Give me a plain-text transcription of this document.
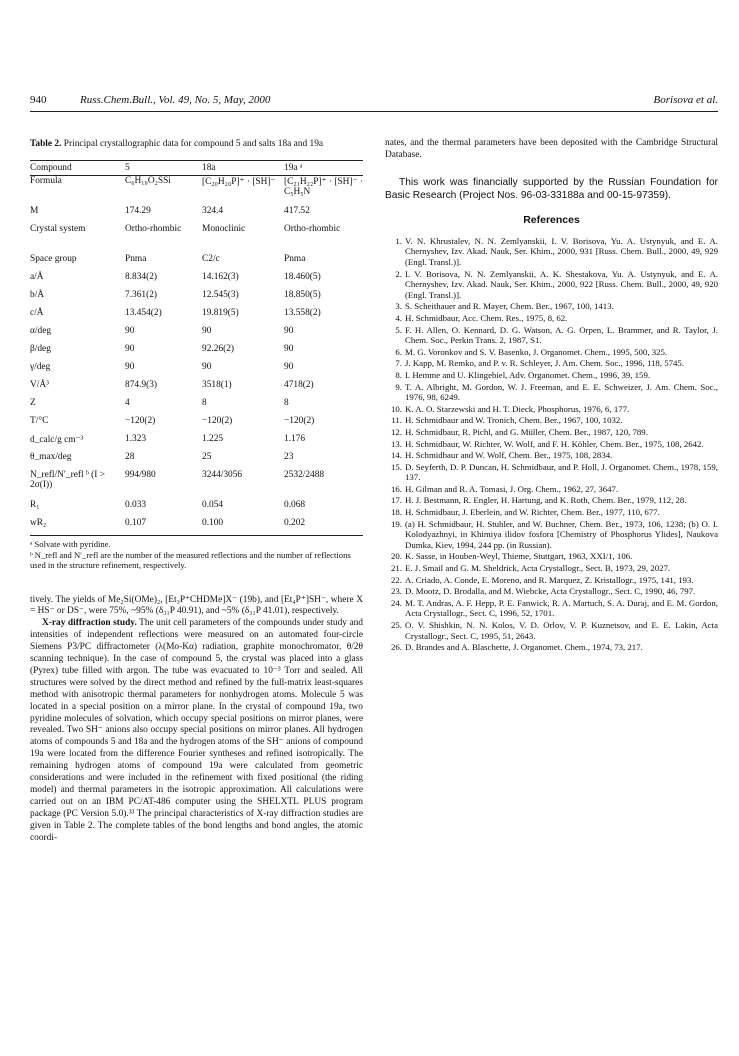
940	Russ.Chem.Bull., Vol. 49, No. 5, May, 2000	Borisova et al.

Table 2. Principal crystallographic data for compound 5 and salts 18a and 19a

Compound	5	18a	19a ᵃ
Formula	C₆H₁₀O₂SSi	[C₂₀H₂₀P]⁺ · [SH]⁻	[C₂₁H₂₂P]⁺ · [SH]⁻ · C₅H₅N
M	174.29	324.4	417.52
Crystal system	Ortho-rhombic	Monoclinic	Ortho-rhombic
Space group	Pnma	C2/c	Pnma
a/Å	8.834(2)	14.162(3)	18.460(5)
b/Å	7.361(2)	12.545(3)	18.850(5)
c/Å	13.454(2)	19.819(5)	13.558(2)
α/deg	90	90	90
β/deg	90	92.26(2)	90
γ/deg	90	90	90
V/Å³	874.9(3)	3518(1)	4718(2)
Z	4	8	8
T/°C	−120(2)	−120(2)	−120(2)
d_calc/g cm⁻³	1.323	1.225	1.176
θ_max/deg	28	25	23
N_refl/N′_refl ᵇ (I > 2σ(I))	994/980	3244/3056	2532/2488
R₁	0.033	0.054	0.068
wR₂	0.107	0.100	0.202
ᵃ Solvate with pyridine.
ᵇ N_refl and N′_refl are the number of the measured reflections and the number of reflections used in the structure refinement, respectively.

tively. The yields of Me₂Si(OMe)₂, [Et₃P⁺CHDMe]X⁻ (19b), and [Et₄P⁺]SH⁻, where X = HS⁻ or DS⁻, were 75%, ~95% (δ₃₁P 40.91), and ~5% (δ₃₁P 41.01), respectively.

X-ray diffraction study. The unit cell parameters of the compounds under study and intensities of independent reflections were measured on an automated four-circle Siemens P3/PC diffractometer (λ(Mo-Kα) radiation, graphite monochromator, θ/2θ scanning technique). In the case of compound 5, the crystal was placed into a glass (Pyrex) tube filled with argon. The tube was evacuated to 10⁻³ Torr and sealed. All structures were solved by the direct method and refined by the full-matrix least-squares method with anisotropic thermal parameters for nonhydrogen atoms. Molecule 5 was located in a special position on a mirror plane. In the crystal of compound 19a, two pyridine molecules of solvation, which occupy special positions on mirror planes, were revealed. Two SH⁻ anions also occupy special positions on mirror planes. All hydrogen atoms of compounds 5 and 18a and the hydrogen atoms of the SH⁻ anions of compound 19a were located from the difference Fourier syntheses and refined isotropically. The remaining hydrogen atoms of compound 19a were calculated from geometric considerations and were included in the refinement with fixed positional (the riding model) and thermal parameters in the isotropic approximation. All calculations were carried out on an IBM PC/AT-486 computer using the SHELXTL PLUS program package (PC Version 5.0).³³ The principal characteristics of X-ray diffraction studies are given in Table 2. The complete tables of the bond lengths and bond angles, the atomic coordi-

nates, and the thermal parameters have been deposited with the Cambridge Structural Database.

This work was financially supported by the Russian Foundation for Basic Research (Project Nos. 96-03-33188a and 00-15-97359).

References
1. V. N. Khrustalev, N. N. Zemlyanskii, I. V. Borisova, Yu. A. Ustynyuk, and E. A. Chernyshev, Izv. Akad. Nauk, Ser. Khim., 2000, 931 [Russ. Chem. Bull., 2000, 49, 929 (Engl. Transl.)].
2. I. V. Borisova, N. N. Zemlyanskii, A. K. Shestakova, Yu. A. Ustynyuk, and E. A. Chernyshev, Izv. Akad. Nauk, Ser. Khim., 2000, 922 [Russ. Chem. Bull., 2000, 49, 920 (Engl. Transl.)].
3. S. Scheithauer and R. Mayer, Chem. Ber., 1967, 100, 1413.
4. H. Schmidbaur, Acc. Chem. Res., 1975, 8, 62.
5. F. H. Allen, O. Kennard, D. G. Watson, A. G. Orpen, L. Brammer, and R. Taylor, J. Chem. Soc., Perkin Trans. 2, 1987, S1.
6. M. G. Voronkov and S. V. Basenko, J. Organomet. Chem., 1995, 500, 325.
7. J. Kapp, M. Remko, and P. v. R. Schleyer, J. Am. Chem. Soc., 1996, 118, 5745.
8. I. Hemme and U. Klingebiel, Adv. Organomet. Chem., 1996, 39, 159.
9. T. A. Albright, M. Gordon, W. J. Freeman, and E. E. Schweizer, J. Am. Chem. Soc., 1976, 98, 6249.
10. K. A. O. Starzewski and H. T. Dieck, Phosphorus, 1976, 6, 177.
11. H. Schmidbaur and W. Tronich, Chem. Ber., 1967, 100, 1032.
12. H. Schmidbaur, R. Pichl, and G. Müller, Chem. Ber., 1987, 120, 789.
13. H. Schmidbaur, W. Richter, W. Wolf, and F. H. Köhler, Chem. Ber., 1975, 108, 2642.
14. H. Schmidbaur and W. Wolf, Chem. Ber., 1975, 108, 2834.
15. D. Seyferth, D. P. Duncan, H. Schmidbaur, and P. Holl, J. Organomet. Chem., 1978, 159, 137.
16. H. Gilman and R. A. Tomasi, J. Org. Chem., 1962, 27, 3647.
17. H. J. Bestmann, R. Engler, H. Hartung, and K. Roth, Chem. Ber., 1979, 112, 28.
18. H. Schmidbaur, J. Eberlein, and W. Richter, Chem. Ber., 1977, 110, 677.
19. (a) H. Schmidbaur, H. Stuhler, and W. Buchner, Chem. Ber., 1973, 106, 1238; (b) O. I. Kolodyazhnyi, in Khimiya ilidov fosfora [Chemistry of Phosphorus Ylides], Naukova Dumka, Kiev, 1994, 244 pp. (in Russian).
20. K. Sasse, in Houben-Weyl, Thieme, Stuttgart, 1963, XXI/1, 106.
21. E. J. Smail and G. M. Sheldrick, Acta Crystallogr., Sect. B, 1973, 29, 2027.
22. A. Criado, A. Conde, E. Moreno, and R. Marquez, Z. Kristallogr., 1975, 141, 193.
23. D. Mootz, D. Brodalla, and M. Wiebcke, Acta Crystallogr., Sect. C, 1990, 46, 797.
24. M. T. Andras, A. F. Hepp, P. E. Fanwick, R. A. Martuch, S. A. Duraj, and E. M. Gordon, Acta Crystallogr., Sect. C, 1996, 52, 1701.
25. O. V. Shishkin, N. N. Kolos, V. D. Orlov, V. P. Kuznetsov, and E. E. Lakin, Acta Crystallogr., Sect. C, 1995, 51, 2643.
26. D. Brandes and A. Blaschette, J. Organomet. Chem., 1974, 73, 217.
